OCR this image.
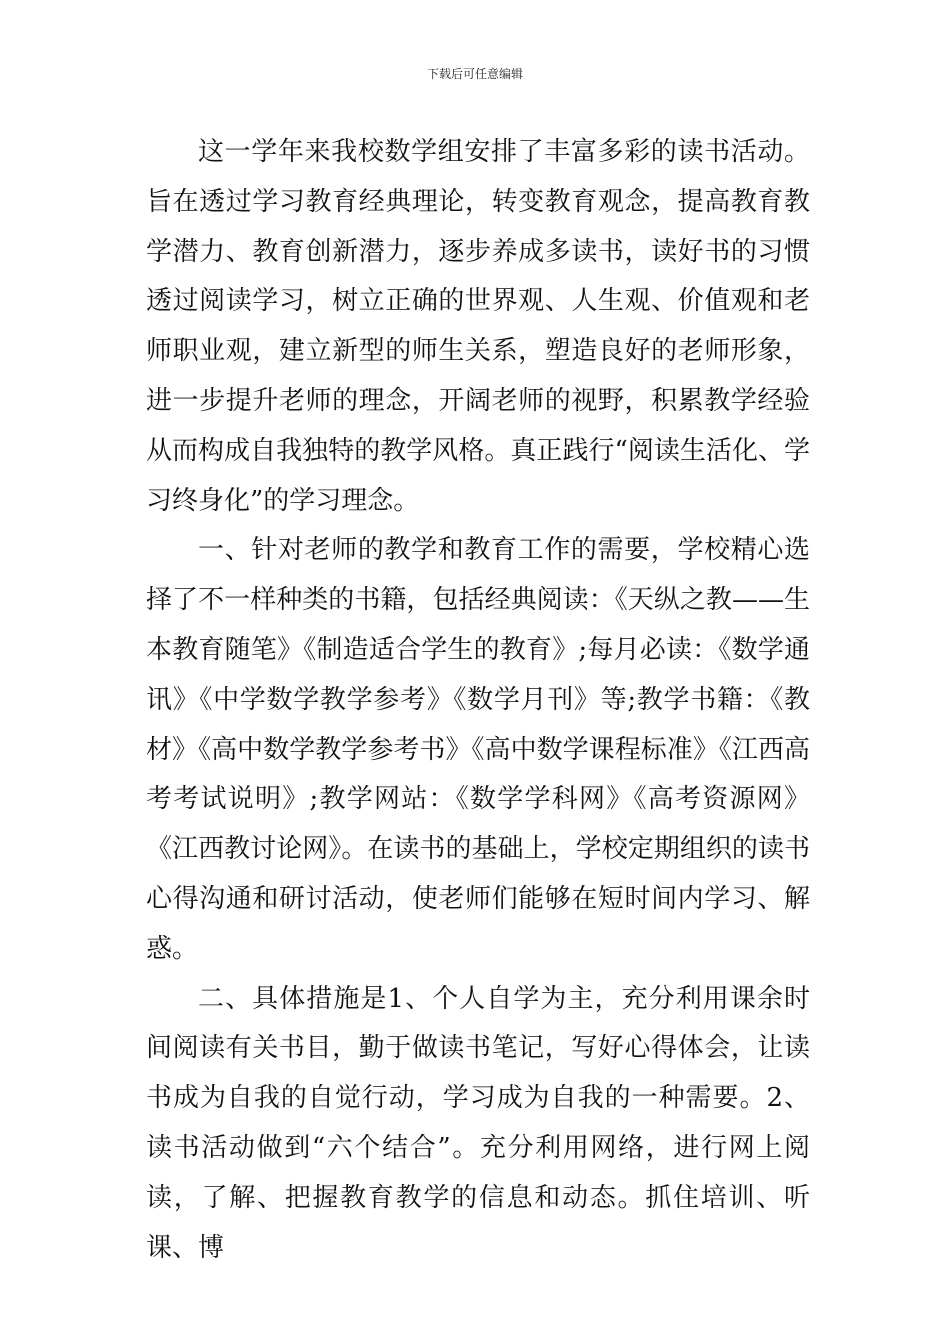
下载后可任意编辑

这一学年来我校数学组安排了丰富多彩的读书活动。旨在透过学习教育经典理论，转变教育观念，提高教育教学潜力、教育创新潜力，逐步养成多读书，读好书的习惯透过阅读学习，树立正确的世界观、人生观、价值观和老师职业观，建立新型的师生关系，塑造良好的老师形象，进一步提升老师的理念，开阔老师的视野，积累教学经验从而构成自我独特的教学风格。真正践行“阅读生活化、学习终身化”的学习理念。

一、针对老师的教学和教育工作的需要，学校精心选择了不一样种类的书籍，包括经典阅读：《天纵之教——生本教育随笔》《制造适合学生的教育》;每月必读：《数学通讯》《中学数学教学参考》《数学月刊》等;教学书籍：《教材》《高中数学教学参考书》《高中数学课程标准》《江西高考考试说明》;教学网站：《数学学科网》《高考资源网》《江西教讨论网》。在读书的基础上，学校定期组织的读书心得沟通和研讨活动，使老师们能够在短时间内学习、解惑。

二、具体措施是1、个人自学为主，充分利用课余时间阅读有关书目，勤于做读书笔记，写好心得体会，让读书成为自我的自觉行动，学习成为自我的一种需要。2、读书活动做到“六个结合”。充分利用网络，进行网上阅读，了解、把握教育教学的信息和动态。抓住培训、听课、博
